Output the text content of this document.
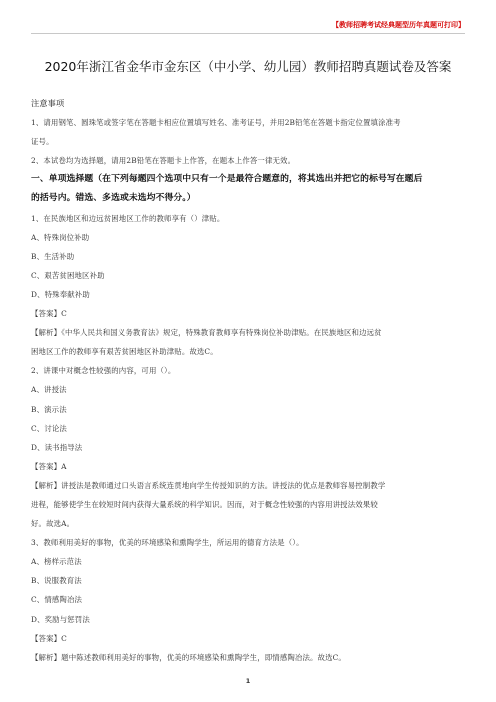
【教师招聘考试经典题型历年真题可打印】
2020年浙江省金华市金东区（中小学、幼儿园）教师招聘真题试卷及答案
注意事项
1、请用钢笔、圆珠笔或签字笔在答题卡相应位置填写姓名、准考证号，并用2B铅笔在答题卡指定位置填涂准考
证号。
2、本试卷均为选择题，请用2B铅笔在答题卡上作答，在题本上作答一律无效。
一、单项选择题（在下列每题四个选项中只有一个是最符合题意的，将其选出并把它的标号写在题后
的括号内。错选、多选或未选均不得分。）
1、在民族地区和边远贫困地区工作的教师享有（）津贴。
A、特殊岗位补助
B、生活补助
C、艰苦贫困地区补助
D、特殊奉献补助
【答案】C
【解析】《中华人民共和国义务教育法》规定，特殊教育教师享有特殊岗位补助津贴。在民族地区和边远贫
困地区工作的教师享有艰苦贫困地区补助津贴。故选C。
2、讲课中对概念性较强的内容，可用（）。
A、讲授法
B、演示法
C、讨论法
D、读书指导法
【答案】A
【解析】讲授法是教师通过口头语言系统连贯地向学生传授知识的方法。讲授法的优点是教师容易控制教学
进程，能够使学生在较短时间内获得大量系统的科学知识。因而，对于概念性较强的内容用讲授法效果较
好。故选A。
3、教师利用美好的事物，优美的环境感染和熏陶学生，所运用的德育方法是（）。
A、榜样示范法
B、说服教育法
C、情感陶冶法
D、奖励与惩罚法
【答案】C
【解析】题中陈述教师利用美好的事物，优美的环境感染和熏陶学生，即情感陶冶法。故选C。
1
